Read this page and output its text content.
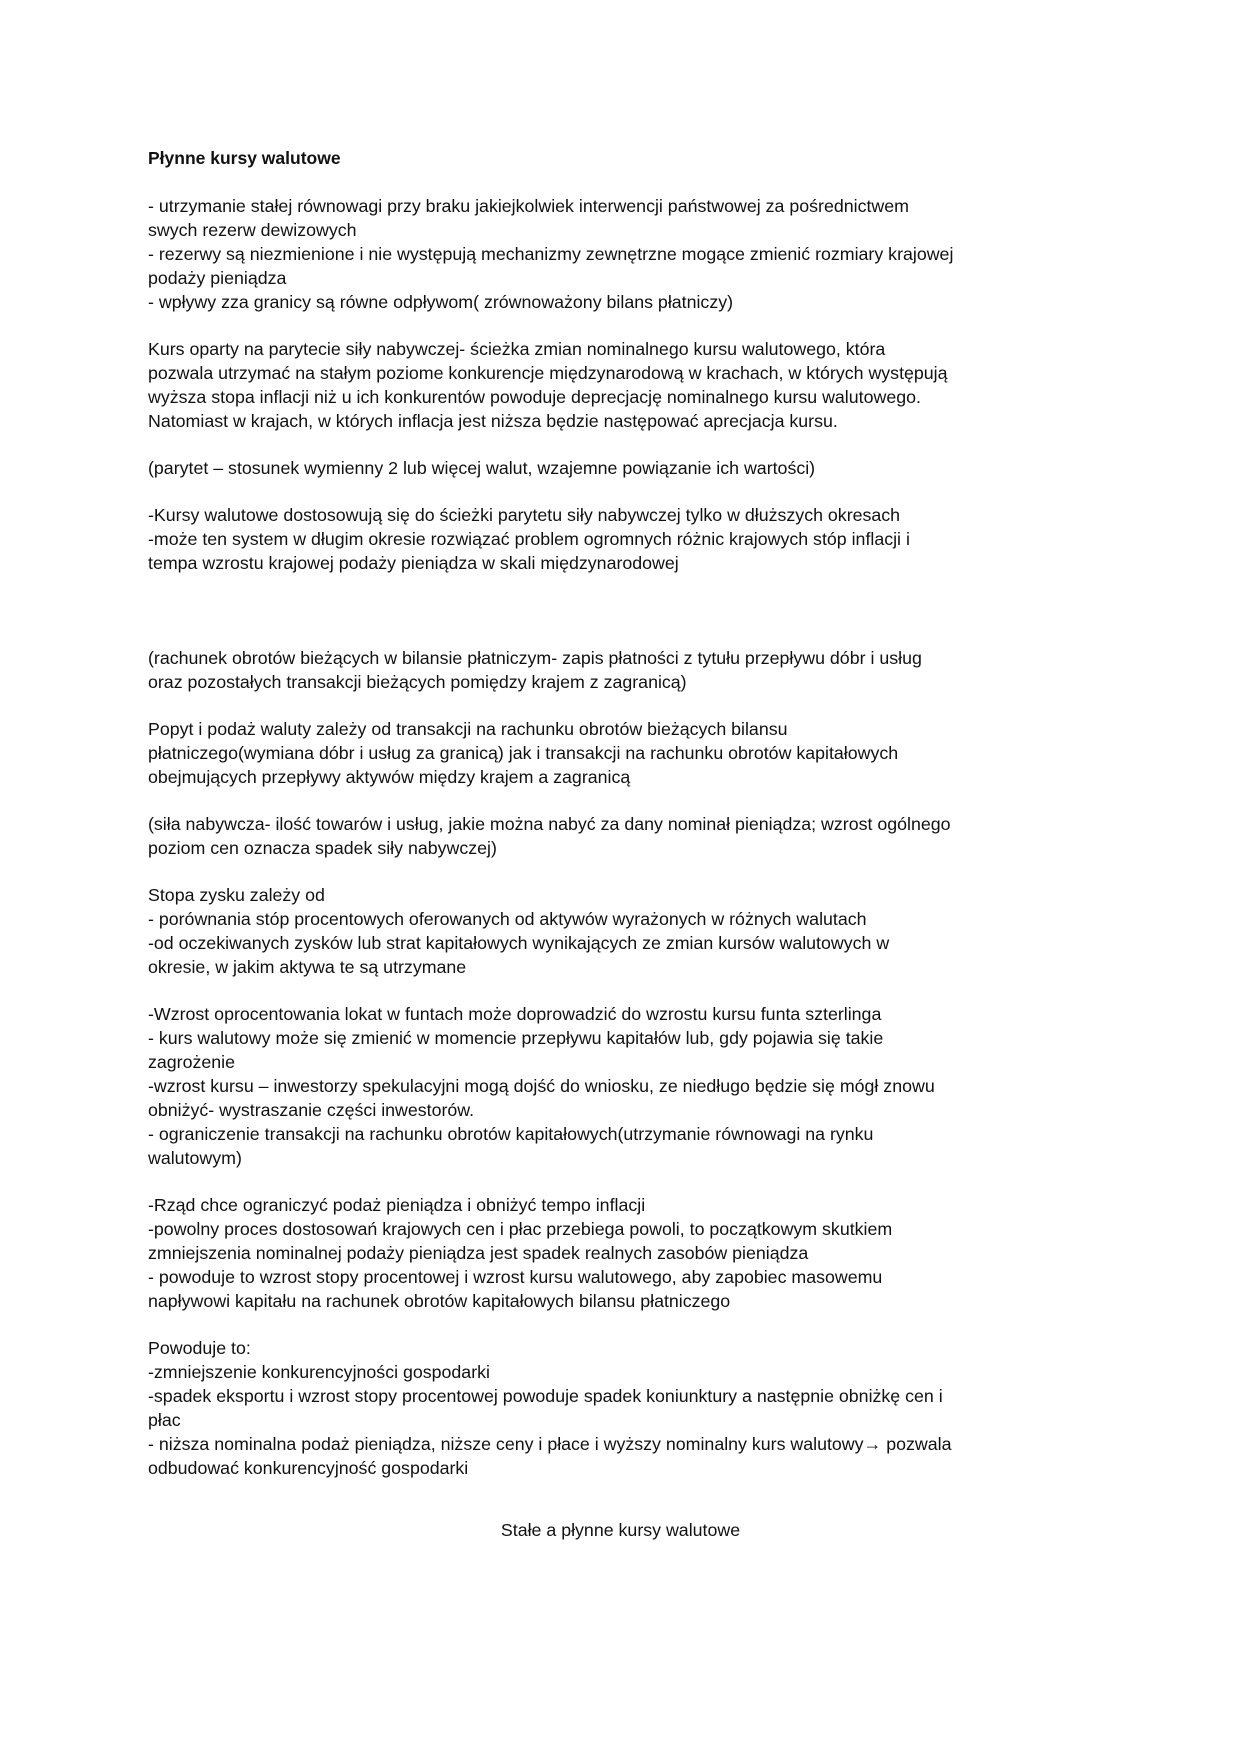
Płynne kursy walutowe
- utrzymanie stałej równowagi przy braku jakiejkolwiek interwencji państwowej za pośrednictwem
swych rezerw dewizowych
- rezerwy są niezmienione i nie występują mechanizmy zewnętrzne mogące zmienić rozmiary krajowej
podaży pieniądza
- wpływy zza granicy są równe odpływom( zrównoważony bilans płatniczy)
Kurs oparty na parytecie siły nabywczej- ścieżka zmian nominalnego kursu walutowego, która
pozwala utrzymać na stałym poziome konkurencje międzynarodową w krachach, w których występują
wyższa stopa inflacji niż u ich konkurentów powoduje deprecjację nominalnego kursu walutowego.
Natomiast w krajach, w których inflacja jest niższa będzie następować aprecjacja kursu.
(parytet – stosunek wymienny 2 lub więcej walut, wzajemne powiązanie ich wartości)
-Kursy walutowe dostosowują się do ścieżki parytetu siły nabywczej tylko w dłuższych okresach
-może ten system w długim okresie rozwiązać problem ogromnych różnic krajowych stóp inflacji i
tempa wzrostu krajowej podaży pieniądza w skali międzynarodowej
(rachunek obrotów bieżących w bilansie płatniczym- zapis płatności z tytułu przepływu dóbr i usług
oraz pozostałych transakcji bieżących pomiędzy krajem z zagranicą)
Popyt i podaż waluty zależy od transakcji na rachunku obrotów bieżących bilansu
płatniczego(wymiana dóbr i usług za granicą) jak i transakcji na rachunku obrotów kapitałowych
obejmujących przepływy aktywów między krajem a zagranicą
(siła nabywcza- ilość towarów i usług, jakie można nabyć za dany nominał pieniądza; wzrost ogólnego
poziom cen oznacza spadek siły nabywczej)
Stopa zysku zależy od
- porównania stóp procentowych oferowanych od aktywów wyrażonych w różnych walutach
-od oczekiwanych zysków lub strat kapitałowych wynikających ze zmian kursów walutowych w
okresie, w jakim aktywa te są utrzymane
-Wzrost oprocentowania lokat w funtach może doprowadzić do wzrostu kursu funta szterlinga
- kurs walutowy może się zmienić w momencie przepływu kapitałów lub, gdy pojawia się takie
zagrożenie
-wzrost kursu – inwestorzy spekulacyjni mogą dojść do wniosku, ze niedługo będzie się mógł znowu
obniżyć- wystraszanie części inwestorów.
- ograniczenie transakcji na rachunku obrotów kapitałowych(utrzymanie równowagi na rynku
walutowym)
-Rząd chce ograniczyć podaż pieniądza i obniżyć tempo inflacji
-powolny proces dostosowań krajowych cen i płac przebiega powoli, to początkowym skutkiem
zmniejszenia nominalnej podaży pieniądza jest spadek realnych zasobów pieniądza
- powoduje to wzrost stopy procentowej i wzrost kursu walutowego, aby zapobiec masowemu
napływowi kapitału na rachunek obrotów kapitałowych bilansu płatniczego
Powoduje to:
-zmniejszenie konkurencyjności gospodarki
-spadek eksportu i wzrost stopy procentowej powoduje spadek koniunktury a następnie obniżkę cen i
płac
- niższa nominalna podaż pieniądza, niższe ceny i płace i wyższy nominalny kurs walutowy→ pozwala
odbudować konkurencyjność gospodarki
Stałe a płynne kursy walutowe
